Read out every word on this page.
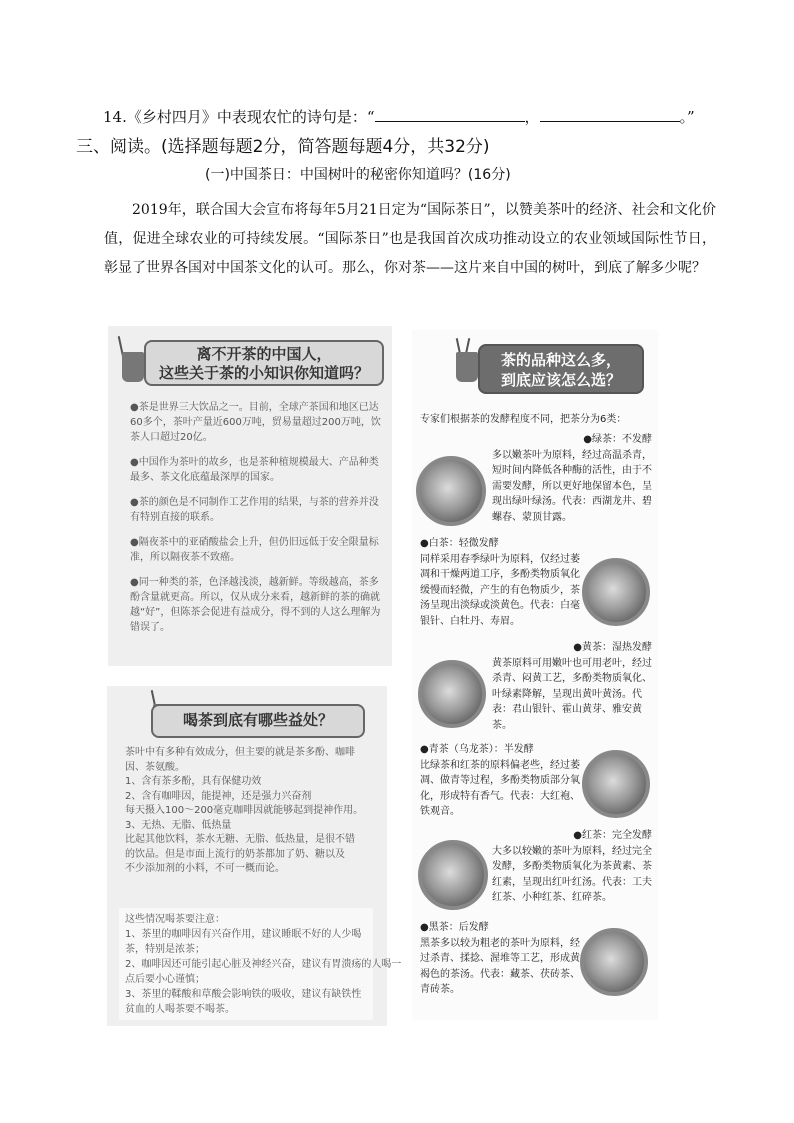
14.《乡村四月》中表现农忙的诗句是：“	，	。”
三、阅读。(选择题每题2分，简答题每题4分，共32分)
(一)中国茶日：中国树叶的秘密你知道吗？(16分)
2019年，联合国大会宣布将每年5月21日定为“国际茶日”，以赞美茶叶的经济、社会和文化价值，促进全球农业的可持续发展。“国际茶日”也是我国首次成功推动设立的农业领域国际性节日，彰显了世界各国对中国茶文化的认可。那么，你对茶——这片来自中国的树叶，到底了解多少呢？
离不开茶的中国人，
这些关于茶的小知识你知道吗？

●茶是世界三大饮品之一。目前，全球产茶国和地区已达60多个，茶叶产量近600万吨，贸易量超过200万吨，饮茶人口超过20亿。

●中国作为茶叶的故乡，也是茶种植规模最大、产品种类最多、茶文化底蕴最深厚的国家。

●茶的颜色是不同制作工艺作用的结果，与茶的营养并没有特别直接的联系。

●隔夜茶中的亚硝酸盐会上升，但仍旧远低于安全限量标准，所以隔夜茶不致癌。

●同一种类的茶，色泽越浅淡，越新鲜。等级越高，茶多酚含量就更高。所以，仅从成分来看，越新鲜的茶的确就越“好”，但陈茶会促进有益成分，得不到的人这么理解为错误了。

喝茶到底有哪些益处？
茶叶中有多种有效成分，但主要的就是茶多酚、咖啡
因、茶氨酸。
1、含有茶多酚，具有保健功效
2、含有咖啡因，能提神，还是强力兴奋剂
每天摄入100～200毫克咖啡因就能够起到提神作用。
3、无热、无脂、低热量
比起其他饮料，茶水无糖、无脂、低热量，是很不错
的饮品。但是市面上流行的奶茶都加了奶、糖以及
不少添加剂的小料，不可一概而论。
这些情况喝茶要注意：
1、茶里的咖啡因有兴奋作用，建议睡眠不好的人少喝
茶，特别是浓茶；
2、咖啡因还可能引起心脏及神经兴奋，建议有胃溃疡的人喝一
点后要小心谨慎；
3、茶里的鞣酸和草酸会影响铁的吸收，建议有缺铁性
贫血的人喝茶要不喝茶。
茶的品种这么多，
到底应该怎么选？
专家们根据茶的发酵程度不同，把茶分为6类：
●绿茶：不发酵
多以嫩茶叶为原料，经过高温杀青，短时间内降低各种酶的活性，由于不需要发酵，所以更好地保留本色，呈现出绿叶绿汤。代表：西湖龙井、碧螺春、蒙顶甘露。
●白茶：轻微发酵
同样采用春季绿叶为原料，仅经过萎凋和干燥两道工序，多酚类物质氧化缓慢而轻微，产生的有色物质少，茶汤呈现出淡绿或淡黄色。代表：白毫银针、白牡丹、寿眉。
●黄茶：湿热发酵
黄茶原料可用嫩叶也可用老叶，经过杀青、闷黄工艺，多酚类物质氧化、叶绿素降解，呈现出黄叶黄汤。代表：君山银针、霍山黄芽、雅安黄茶。
●青茶（乌龙茶）：半发酵
比绿茶和红茶的原料偏老些，经过萎凋、做青等过程，多酚类物质部分氧化，形成特有香气。代表：大红袍、铁观音。
●红茶：完全发酵
大多以较嫩的茶叶为原料，经过完全发酵，多酚类物质氧化为茶黄素、茶红素，呈现出红叶红汤。代表：工夫红茶、小种红茶、红碎茶。
●黑茶：后发酵
黑茶多以较为粗老的茶叶为原料，经过杀青、揉捻、渥堆等工艺，形成黄褐色的茶汤。代表：藏茶、茯砖茶、青砖茶。
